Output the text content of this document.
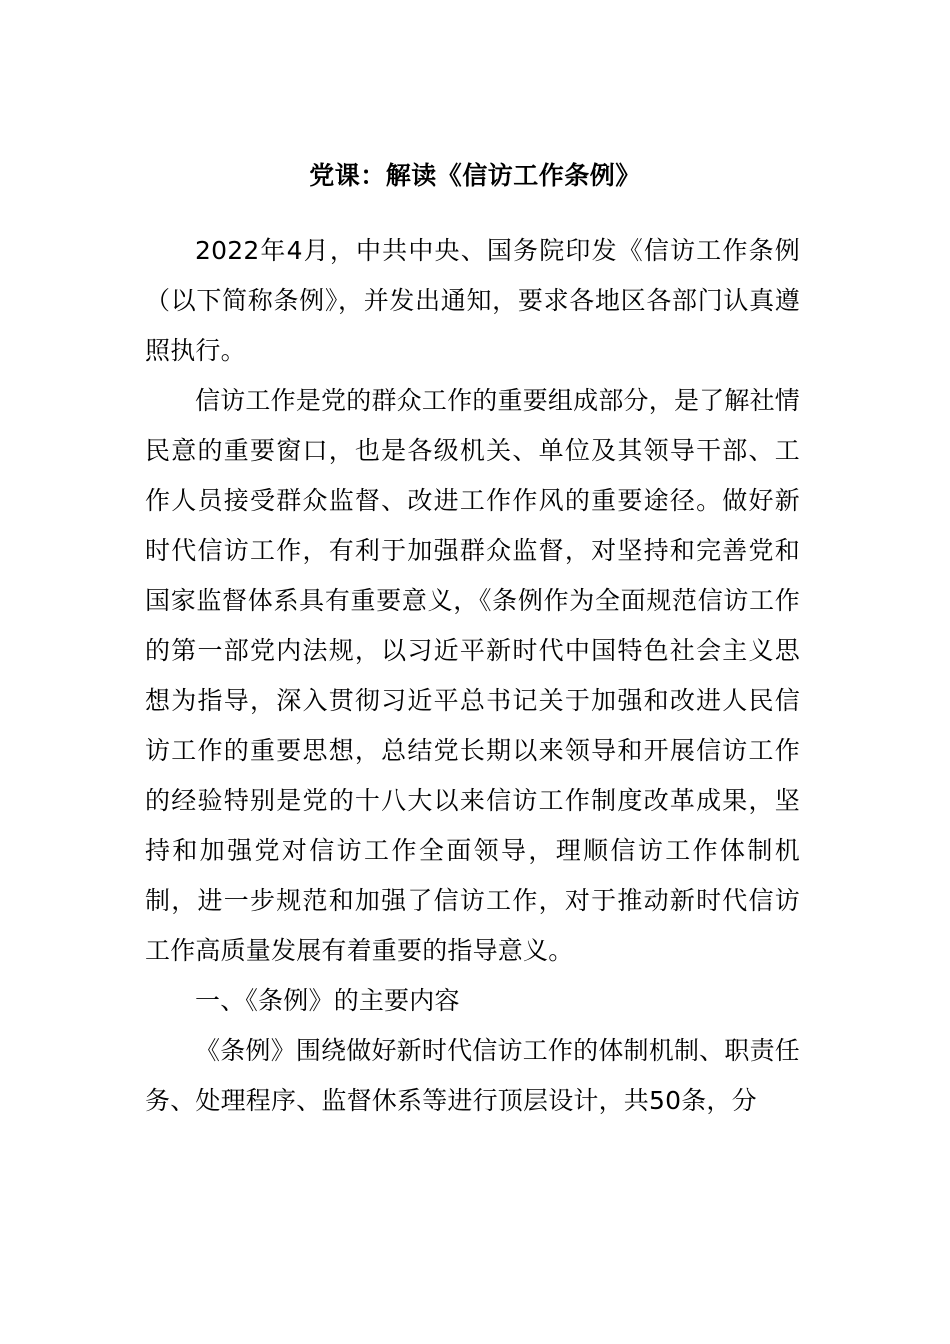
党课：解读《信访工作条例》

2022年4月，中共中央、国务院印发《信访工作条例（以下简称条例》，并发出通知，要求各地区各部门认真遵照执行。

信访工作是党的群众工作的重要组成部分，是了解社情民意的重要窗口，也是各级机关、单位及其领导干部、工作人员接受群众监督、改进工作作风的重要途径。做好新时代信访工作，有利于加强群众监督，对坚持和完善党和国家监督体系具有重要意义，《条例作为全面规范信访工作的第一部党内法规，以习近平新时代中国特色社会主义思想为指导，深入贯彻习近平总书记关于加强和改进人民信访工作的重要思想，总结党长期以来领导和开展信访工作的经验特别是党的十八大以来信访工作制度改革成果，坚持和加强党对信访工作全面领导，理顺信访工作体制机制，进一步规范和加强了信访工作，对于推动新时代信访工作高质量发展有着重要的指导意义。

一、《条例》的主要内容

《条例》围绕做好新时代信访工作的体制机制、职责任务、处理程序、监督休系等进行顶层设计，共50条，分
